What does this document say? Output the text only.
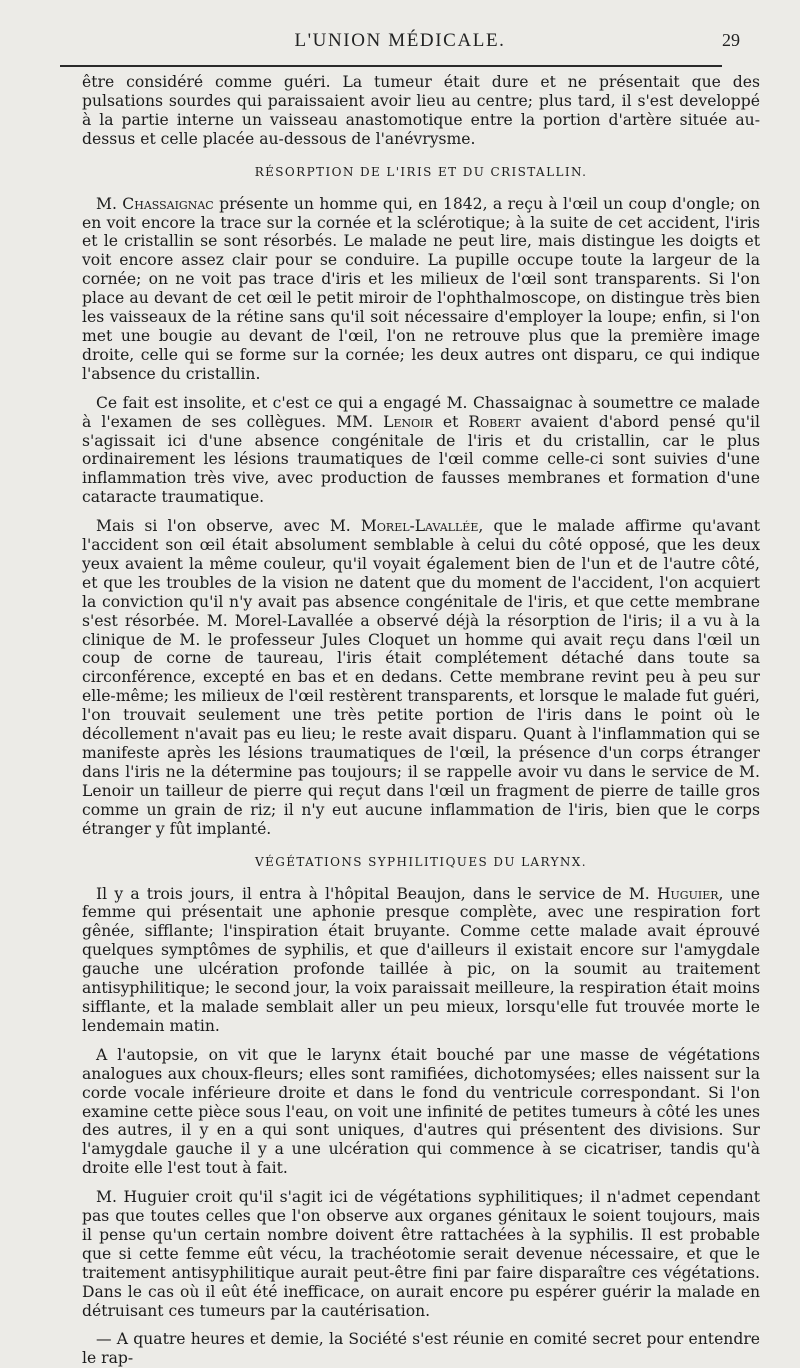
L'UNION MÉDICALE.	29

être considéré comme guéri. La tumeur était dure et ne présentait que des pulsations sourdes qui paraissaient avoir lieu au centre; plus tard, il s'est developpé à la partie interne un vaisseau anastomotique entre la portion d'artère située au-dessus et celle placée au-dessous de l'anévrysme.

RÉSORPTION DE L'IRIS ET DU CRISTALLIN.

M. Chassaignac présente un homme qui, en 1842, a reçu à l'œil un coup d'ongle; on en voit encore la trace sur la cornée et la sclérotique; à la suite de cet accident, l'iris et le cristallin se sont résorbés. Le malade ne peut lire, mais distingue les doigts et voit encore assez clair pour se conduire. La pupille occupe toute la largeur de la cornée; on ne voit pas trace d'iris et les milieux de l'œil sont transparents. Si l'on place au devant de cet œil le petit miroir de l'ophthalmoscope, on distingue très bien les vaisseaux de la rétine sans qu'il soit nécessaire d'employer la loupe; enfin, si l'on met une bougie au devant de l'œil, l'on ne retrouve plus que la première image droite, celle qui se forme sur la cornée; les deux autres ont disparu, ce qui indique l'absence du cristallin.

Ce fait est insolite, et c'est ce qui a engagé M. Chassaignac à soumettre ce malade à l'examen de ses collègues. MM. Lenoir et Robert avaient d'abord pensé qu'il s'agissait ici d'une absence congénitale de l'iris et du cristallin, car le plus ordinairement les lésions traumatiques de l'œil comme celle-ci sont suivies d'une inflammation très vive, avec production de fausses membranes et formation d'une cataracte traumatique.

Mais si l'on observe, avec M. Morel-Lavallée, que le malade affirme qu'avant l'accident son œil était absolument semblable à celui du côté opposé, que les deux yeux avaient la même couleur, qu'il voyait également bien de l'un et de l'autre côté, et que les troubles de la vision ne datent que du moment de l'accident, l'on acquiert la conviction qu'il n'y avait pas absence congénitale de l'iris, et que cette membrane s'est résorbée. M. Morel-Lavallée a observé déjà la résorption de l'iris; il a vu à la clinique de M. le professeur Jules Cloquet un homme qui avait reçu dans l'œil un coup de corne de taureau, l'iris était complétement détaché dans toute sa circonférence, excepté en bas et en dedans. Cette membrane revint peu à peu sur elle-même; les milieux de l'œil restèrent transparents, et lorsque le malade fut guéri, l'on trouvait seulement une très petite portion de l'iris dans le point où le décollement n'avait pas eu lieu; le reste avait disparu. Quant à l'inflammation qui se manifeste après les lésions traumatiques de l'œil, la présence d'un corps étranger dans l'iris ne la détermine pas toujours; il se rappelle avoir vu dans le service de M. Lenoir un tailleur de pierre qui reçut dans l'œil un fragment de pierre de taille gros comme un grain de riz; il n'y eut aucune inflammation de l'iris, bien que le corps étranger y fût implanté.

VÉGÉTATIONS SYPHILITIQUES DU LARYNX.

Il y a trois jours, il entra à l'hôpital Beaujon, dans le service de M. Huguier, une femme qui présentait une aphonie presque complète, avec une respiration fort gênée, sifflante; l'inspiration était bruyante. Comme cette malade avait éprouvé quelques symptômes de syphilis, et que d'ailleurs il existait encore sur l'amygdale gauche une ulcération profonde taillée à pic, on la soumit au traitement antisyphilitique; le second jour, la voix paraissait meilleure, la respiration était moins sifflante, et la malade semblait aller un peu mieux, lorsqu'elle fut trouvée morte le lendemain matin.

A l'autopsie, on vit que le larynx était bouché par une masse de végétations analogues aux choux-fleurs; elles sont ramifiées, dichotomysées; elles naissent sur la corde vocale inférieure droite et dans le fond du ventricule correspondant. Si l'on examine cette pièce sous l'eau, on voit une infinité de petites tumeurs à côté les unes des autres, il y en a qui sont uniques, d'autres qui présentent des divisions. Sur l'amygdale gauche il y a une ulcération qui commence à se cicatriser, tandis qu'à droite elle l'est tout à fait.

M. Huguier croit qu'il s'agit ici de végétations syphilitiques; il n'admet cependant pas que toutes celles que l'on observe aux organes génitaux le soient toujours, mais il pense qu'un certain nombre doivent être rattachées à la syphilis. Il est probable que si cette femme eût vécu, la trachéotomie serait devenue nécessaire, et que le traitement antisyphilitique aurait peut-être fini par faire disparaître ces végétations. Dans le cas où il eût été inefficace, on aurait encore pu espérer guérir la malade en détruisant ces tumeurs par la cautérisation.

— A quatre heures et demie, la Société s'est réunie en comité secret pour entendre le rap-
